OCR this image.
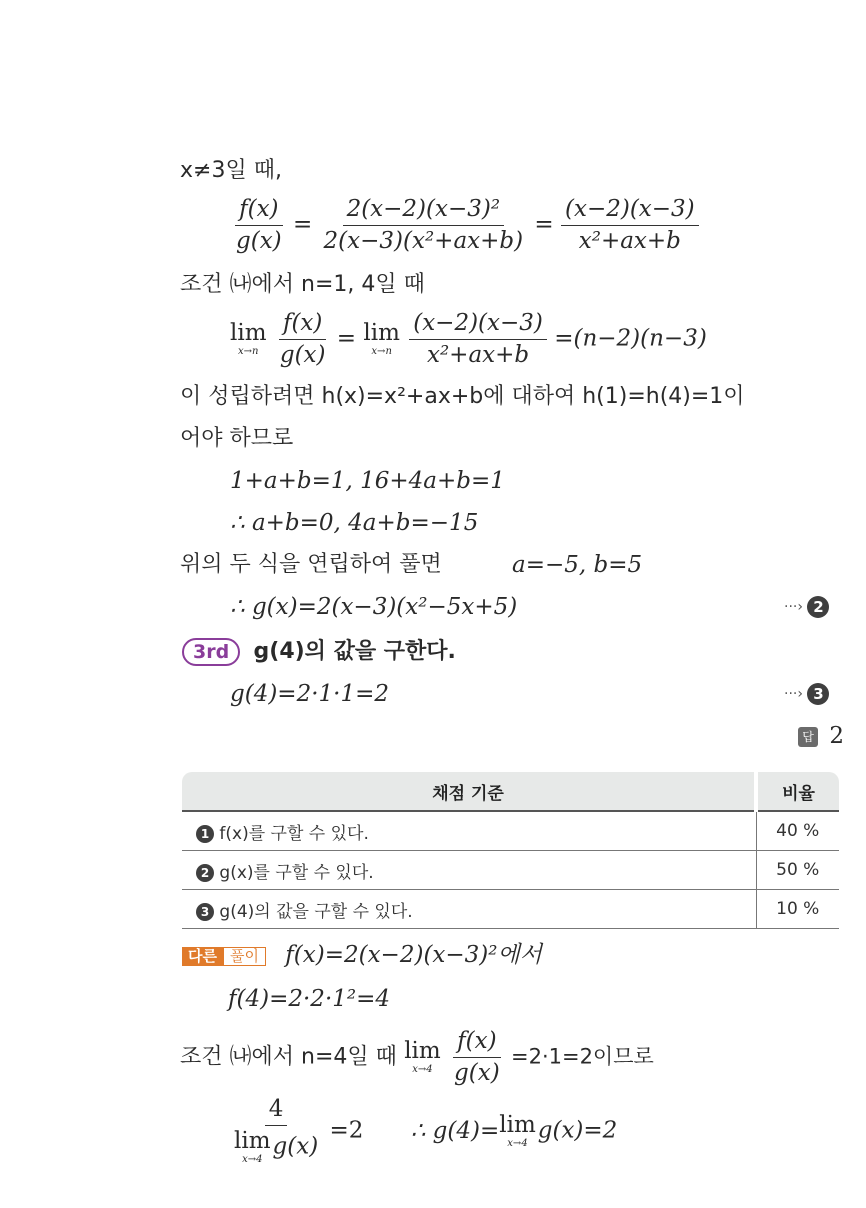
x≠3일 때,
$\frac{f(x)}{g(x)} = \frac{\text{2(x−2)(x−3)²}}{\text{2(x−3)(x²+ax+b)}} = \frac{(x-2)(x-3)}{\text{x²+ax+b}}$
조건 ㈏에서 n=1, 4일 때
lim
x→n
$\frac{f(x)}{g(x)} = \lim$
x→n
$\frac{(x-2)(x-3)}{\text{x²+ax+b}} =(n-2)(n-3)$
이 성립하려면 h(x)=x²+ax+b에 대하여 h(1)=h(4)=1이
어야 하므로
1+a+b=1, 16+4a+b=1
∴ a+b=0, 4a+b=−15
위의 두 식을 연립하여 풀면	a=−5, b=5
∴ g(x)=2(x−3)(x²−5x+5)	···› 2
3rd g(4)의 값을 구한다.
g(4)=2·1·1=2	···› 3
답 2
채점 기준	비율
1 f(x)를 구할 수 있다.	40 %
2 g(x)를 구할 수 있다.	50 %
3 g(4)의 값을 구할 수 있다.	10 %
다른 풀이	f(x)=2(x−2)(x−3)²에서
f(4)=2·2·1²=4
조건 ㈏에서 n=4일 때 lim
x→4
$\frac{f(x)}{g(x)} =2\cdot 1=2$이므로
4
lim
x→4 g(x) =2 ∴ g(4)= lim
x→4 g(x)=2
